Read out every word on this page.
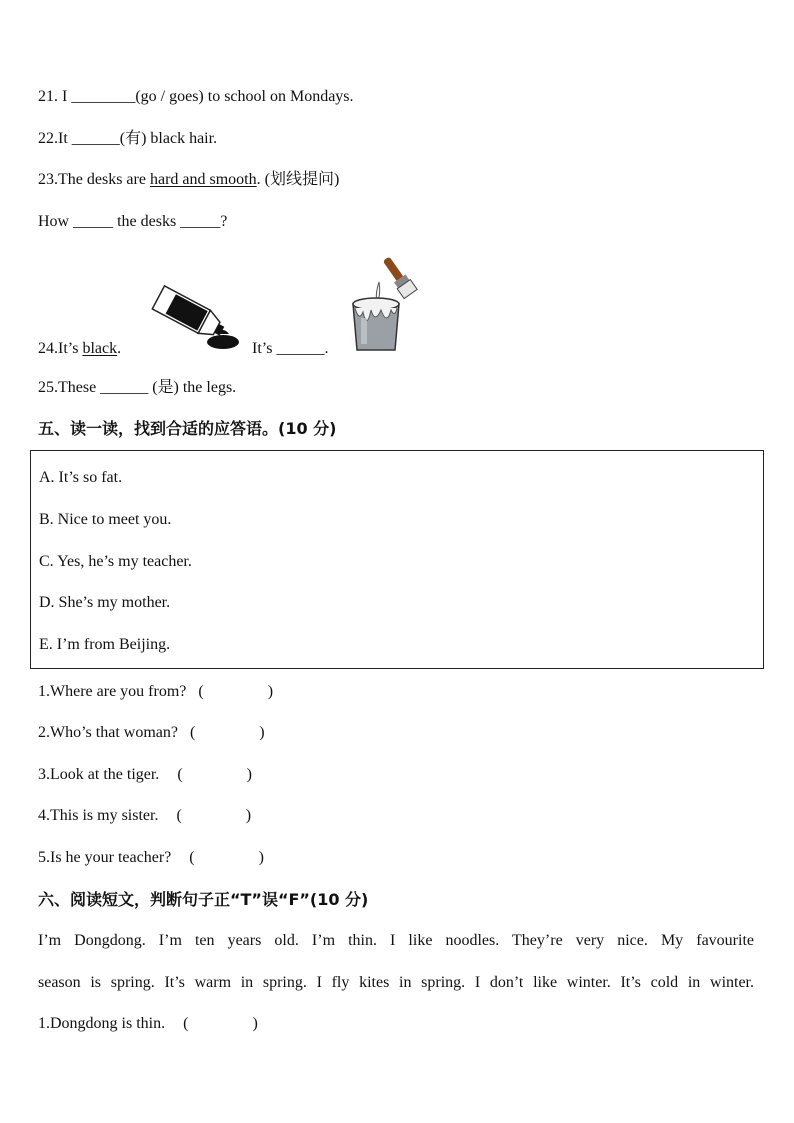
21. I ________(go / goes) to school on Mondays.
22.It ______(有) black hair.
23.The desks are hard and smooth. (划线提问)
How _____ the desks _____?
24.It’s black.	It’s ______.
25.These ______ (是) the legs.
五、读一读，找到合适的应答语。(10 分)
A. It’s so fat.
B. Nice to meet you.
C. Yes, he’s my teacher.
D. She’s my mother.
E. I’m from Beijing.
1.Where are you from? (　　　　)
2.Who’s that woman? (　　　　)
3.Look at the tiger. (　　　　)
4.This is my sister. (　　　　)
5.Is he your teacher? (　　　　)
六、阅读短文，判断句子正“T”误“F”(10 分)
I’m Dongdong. I’m ten years old. I’m thin. I like noodles. They’re very nice. My favourite
season is spring. It’s warm in spring. I fly kites in spring. I don’t like winter. It’s cold in winter.
1.Dongdong is thin. (　　　　)
